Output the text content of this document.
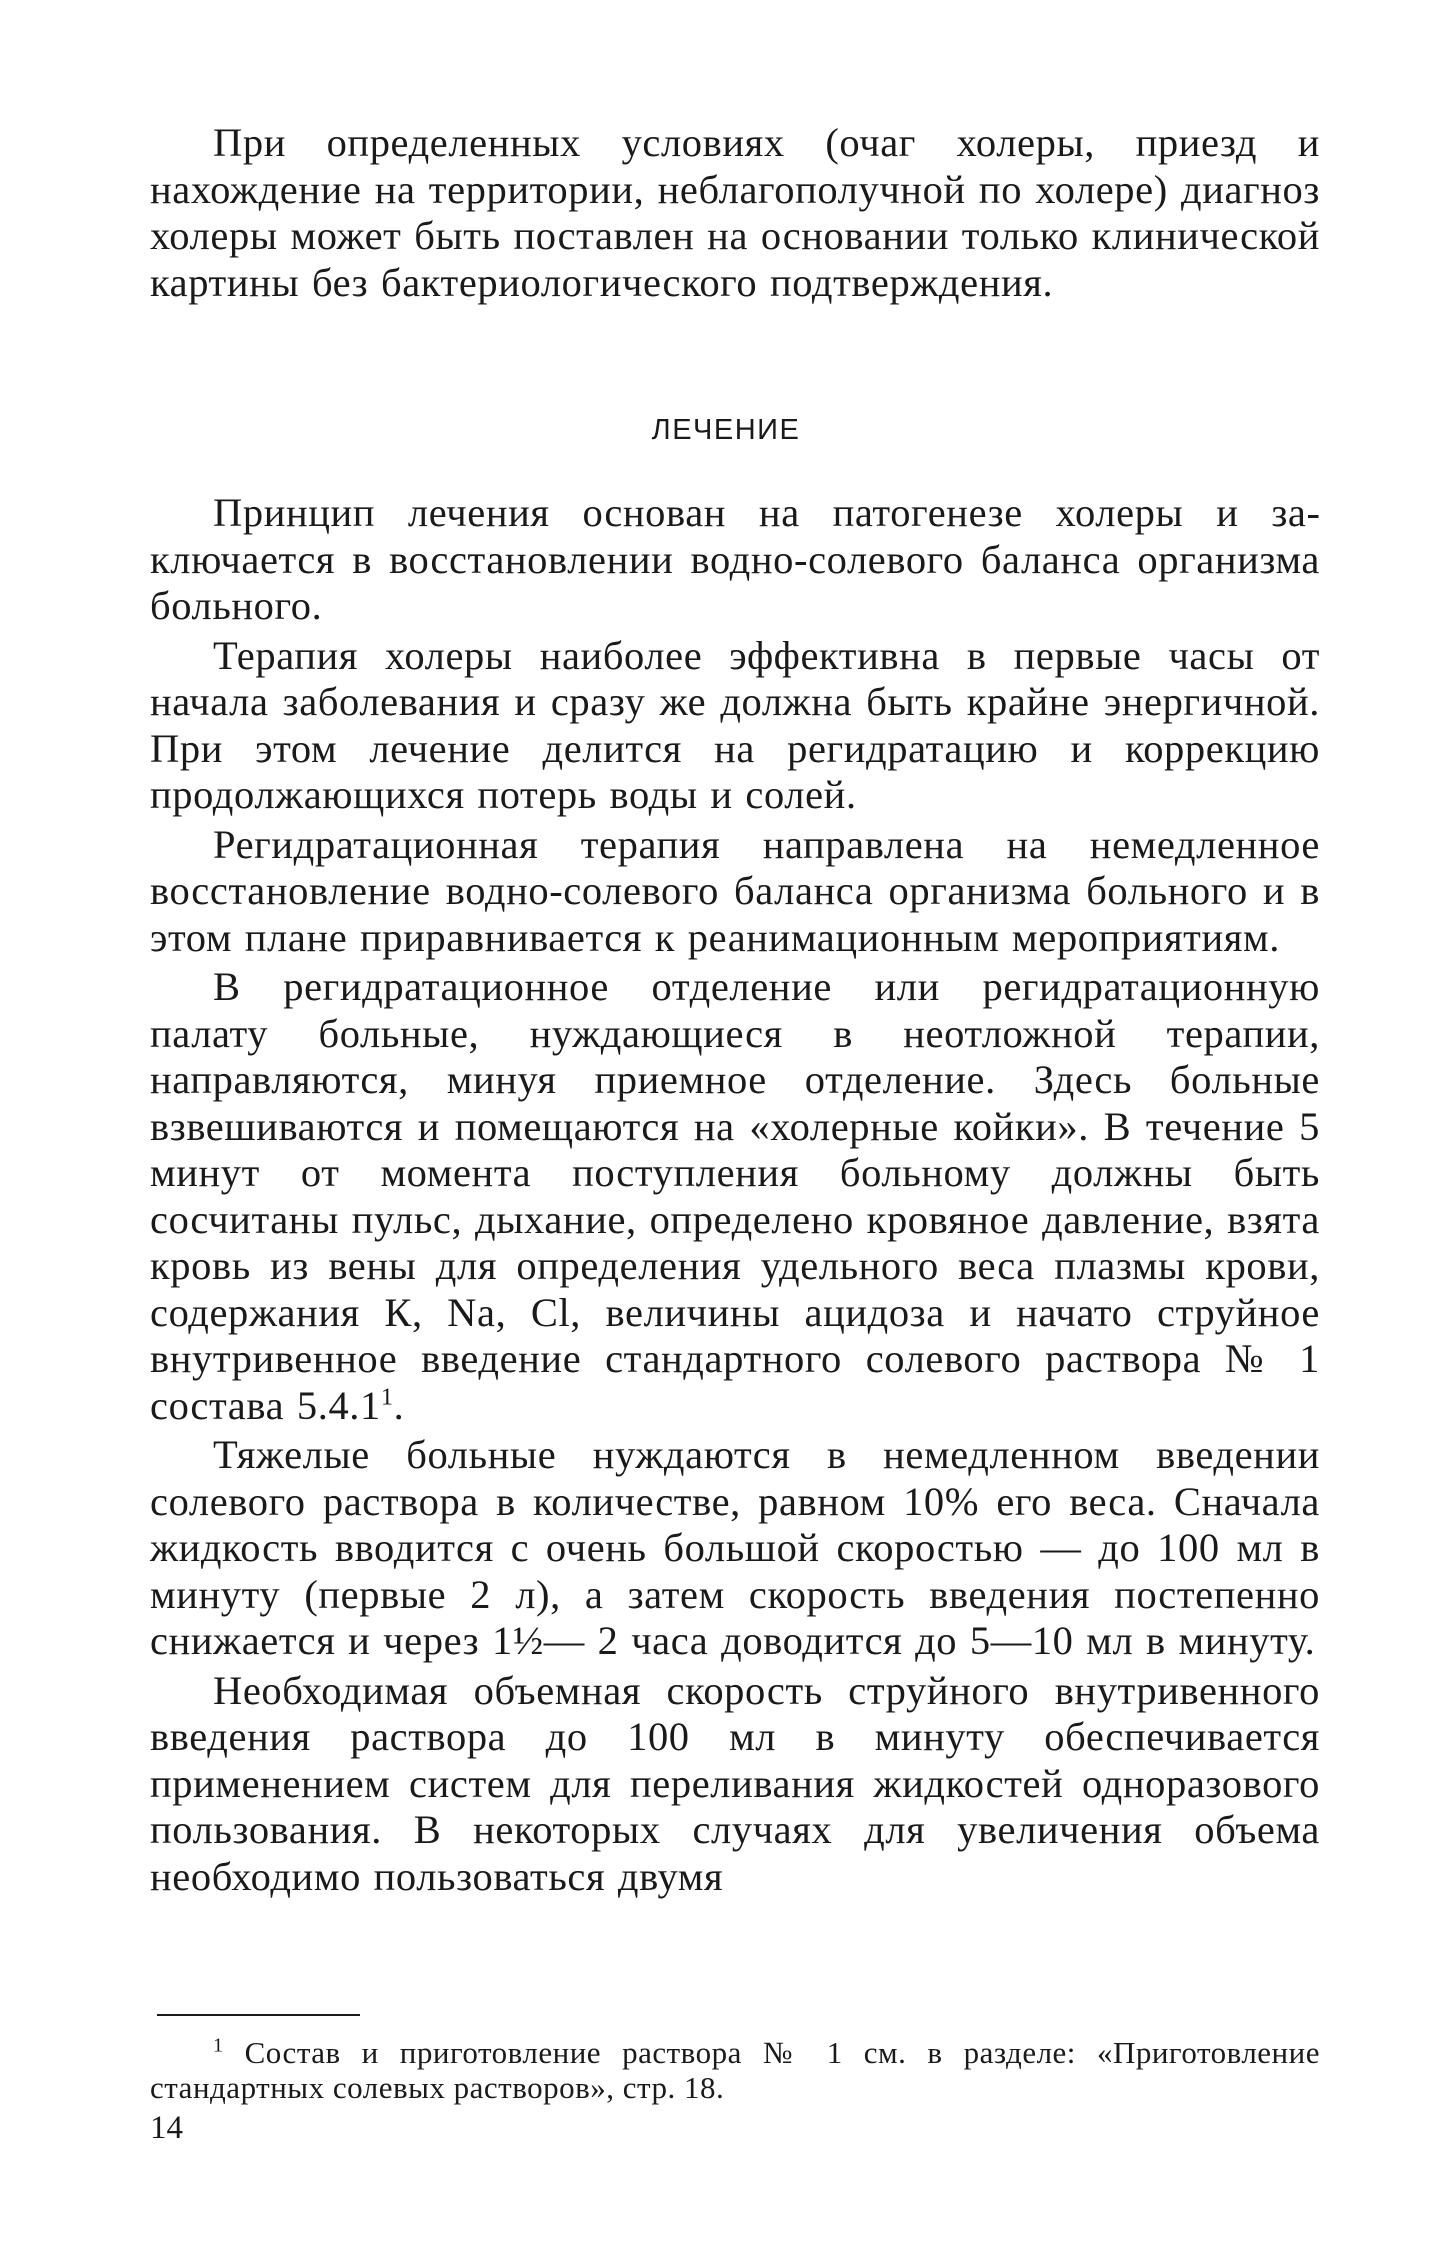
При определенных условиях (очаг холеры, приезд и нахождение на территории, неблагополучной по холере) диагноз холеры может быть поставлен на основании только клинической картины без бактериологического подтверждения.

ЛЕЧЕНИЕ

Принцип лечения основан на патогенезе холеры и заключается в восстановлении водно-солевого баланса организма больного.

Терапия холеры наиболее эффективна в первые часы от начала заболевания и сразу же должна быть крайне энергичной. При этом лечение делится на регидратацию и коррекцию продолжающихся потерь воды и солей.

Регидратационная терапия направлена на немедленное восстановление водно-солевого баланса организма больного и в этом плане приравнивается к реанимационным мероприятиям.

В регидратационное отделение или регидратационную палату больные, нуждающиеся в неотложной терапии, направляются, минуя приемное отделение. Здесь больные взвешиваются и помещаются на «холерные койки». В течение 5 минут от момента поступления больному должны быть сосчитаны пульс, дыхание, определено кровяное давление, взята кровь из вены для определения удельного веса плазмы крови, содержания К, Na, Cl, величины ацидоза и начато струйное внутривенное введение стандартного солевого раствора № 1 состава 5.4.1$^1$.

Тяжелые больные нуждаются в немедленном введении солевого раствора в количестве, равном 10% его веса. Сначала жидкость вводится с очень большой скоростью — до 100 мл в минуту (первые 2 л), а затем скорость введения постепенно снижается и через 1½— 2 часа доводится до 5—10 мл в минуту.

Необходимая объемная скорость струйного внутривенного введения раствора до 100 мл в минуту обеспечивается применением систем для переливания жидкостей одноразового пользования. В некоторых случаях для увеличения объема необходимо пользоваться двумя

$^1$ Состав и приготовление раствора № 1 см. в разделе: «Приготовление стандартных солевых растворов», стр. 18.

14
